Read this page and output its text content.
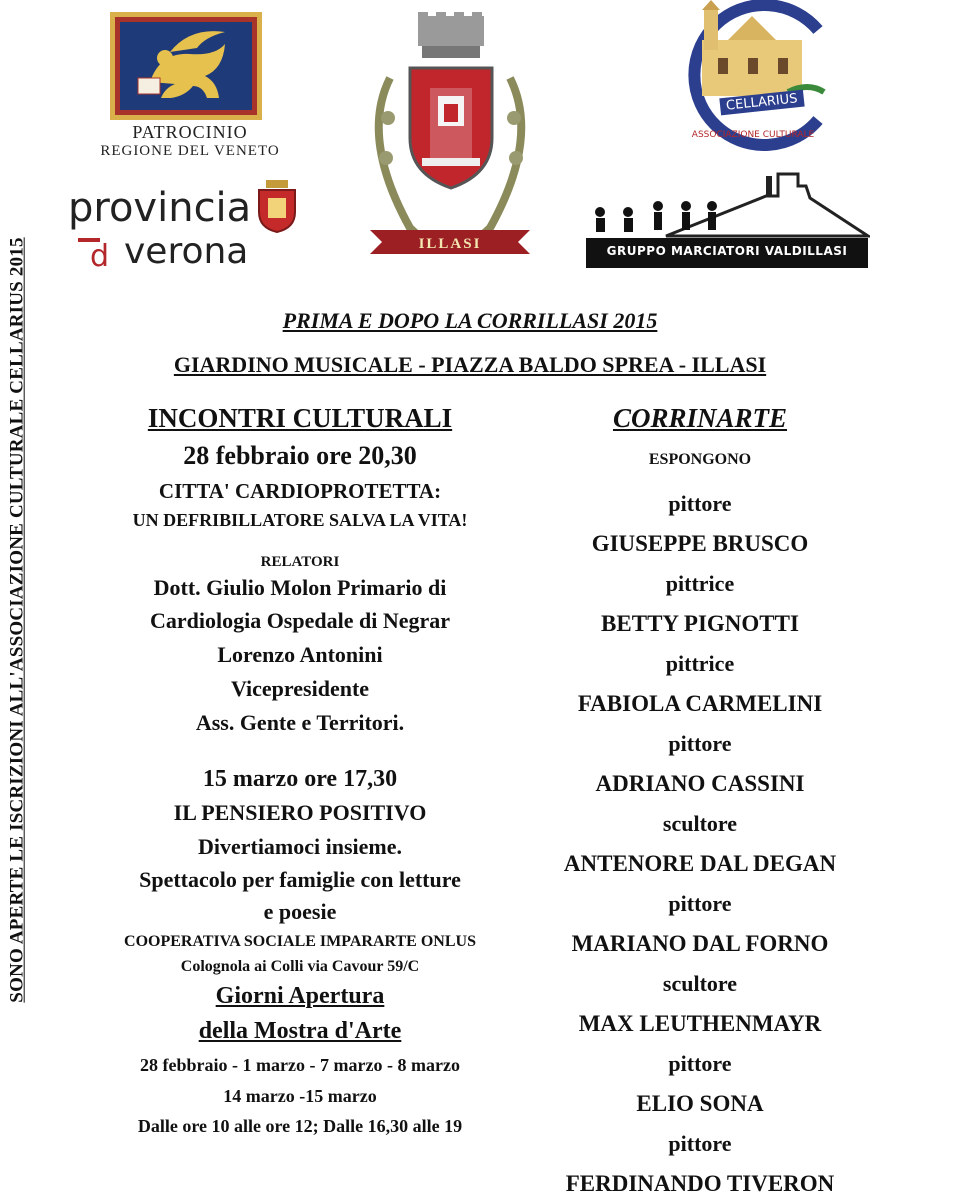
SONO APERTE LE ISCRIZIONI ALL'ASSOCIAZIONE CULTURALE CELLARIUS 2015
PATROCINIO
REGIONE DEL VENETO
provincia
verona
d	ILLASI
CELLARIUS
ASSOCIAZIONE CULTURALE
GRUPPO MARCIATORI VALDILLASI
PRIMA E DOPO LA CORRILLASI 2015
GIARDINO MUSICALE - PIAZZA BALDO SPREA - ILLASI
INCONTRI CULTURALI
28 febbraio ore 20,30
CITTA' CARDIOPROTETTA:
UN DEFRIBILLATORE SALVA LA VITA!
RELATORI
Dott. Giulio Molon Primario di
Cardiologia Ospedale di Negrar
Lorenzo Antonini
Vicepresidente
Ass. Gente e Territori.
15 marzo ore 17,30
IL PENSIERO POSITIVO
Divertiamoci insieme.
Spettacolo per famiglie con letture
e poesie
COOPERATIVA SOCIALE IMPARARTE ONLUS
Colognola ai Colli via Cavour 59/C
Giorni Apertura
della Mostra d'Arte
28 febbraio - 1 marzo - 7 marzo - 8 marzo
14 marzo -15 marzo
Dalle ore 10 alle ore 12; Dalle 16,30 alle 19
CORRINARTE
ESPONGONO
pittore
GIUSEPPE BRUSCO
pittrice
BETTY PIGNOTTI
pittrice
FABIOLA CARMELINI
pittore
ADRIANO CASSINI
scultore
ANTENORE DAL DEGAN
pittore
MARIANO DAL FORNO
scultore
MAX LEUTHENMAYR
pittore
ELIO SONA
pittore
FERDINANDO TIVERON
